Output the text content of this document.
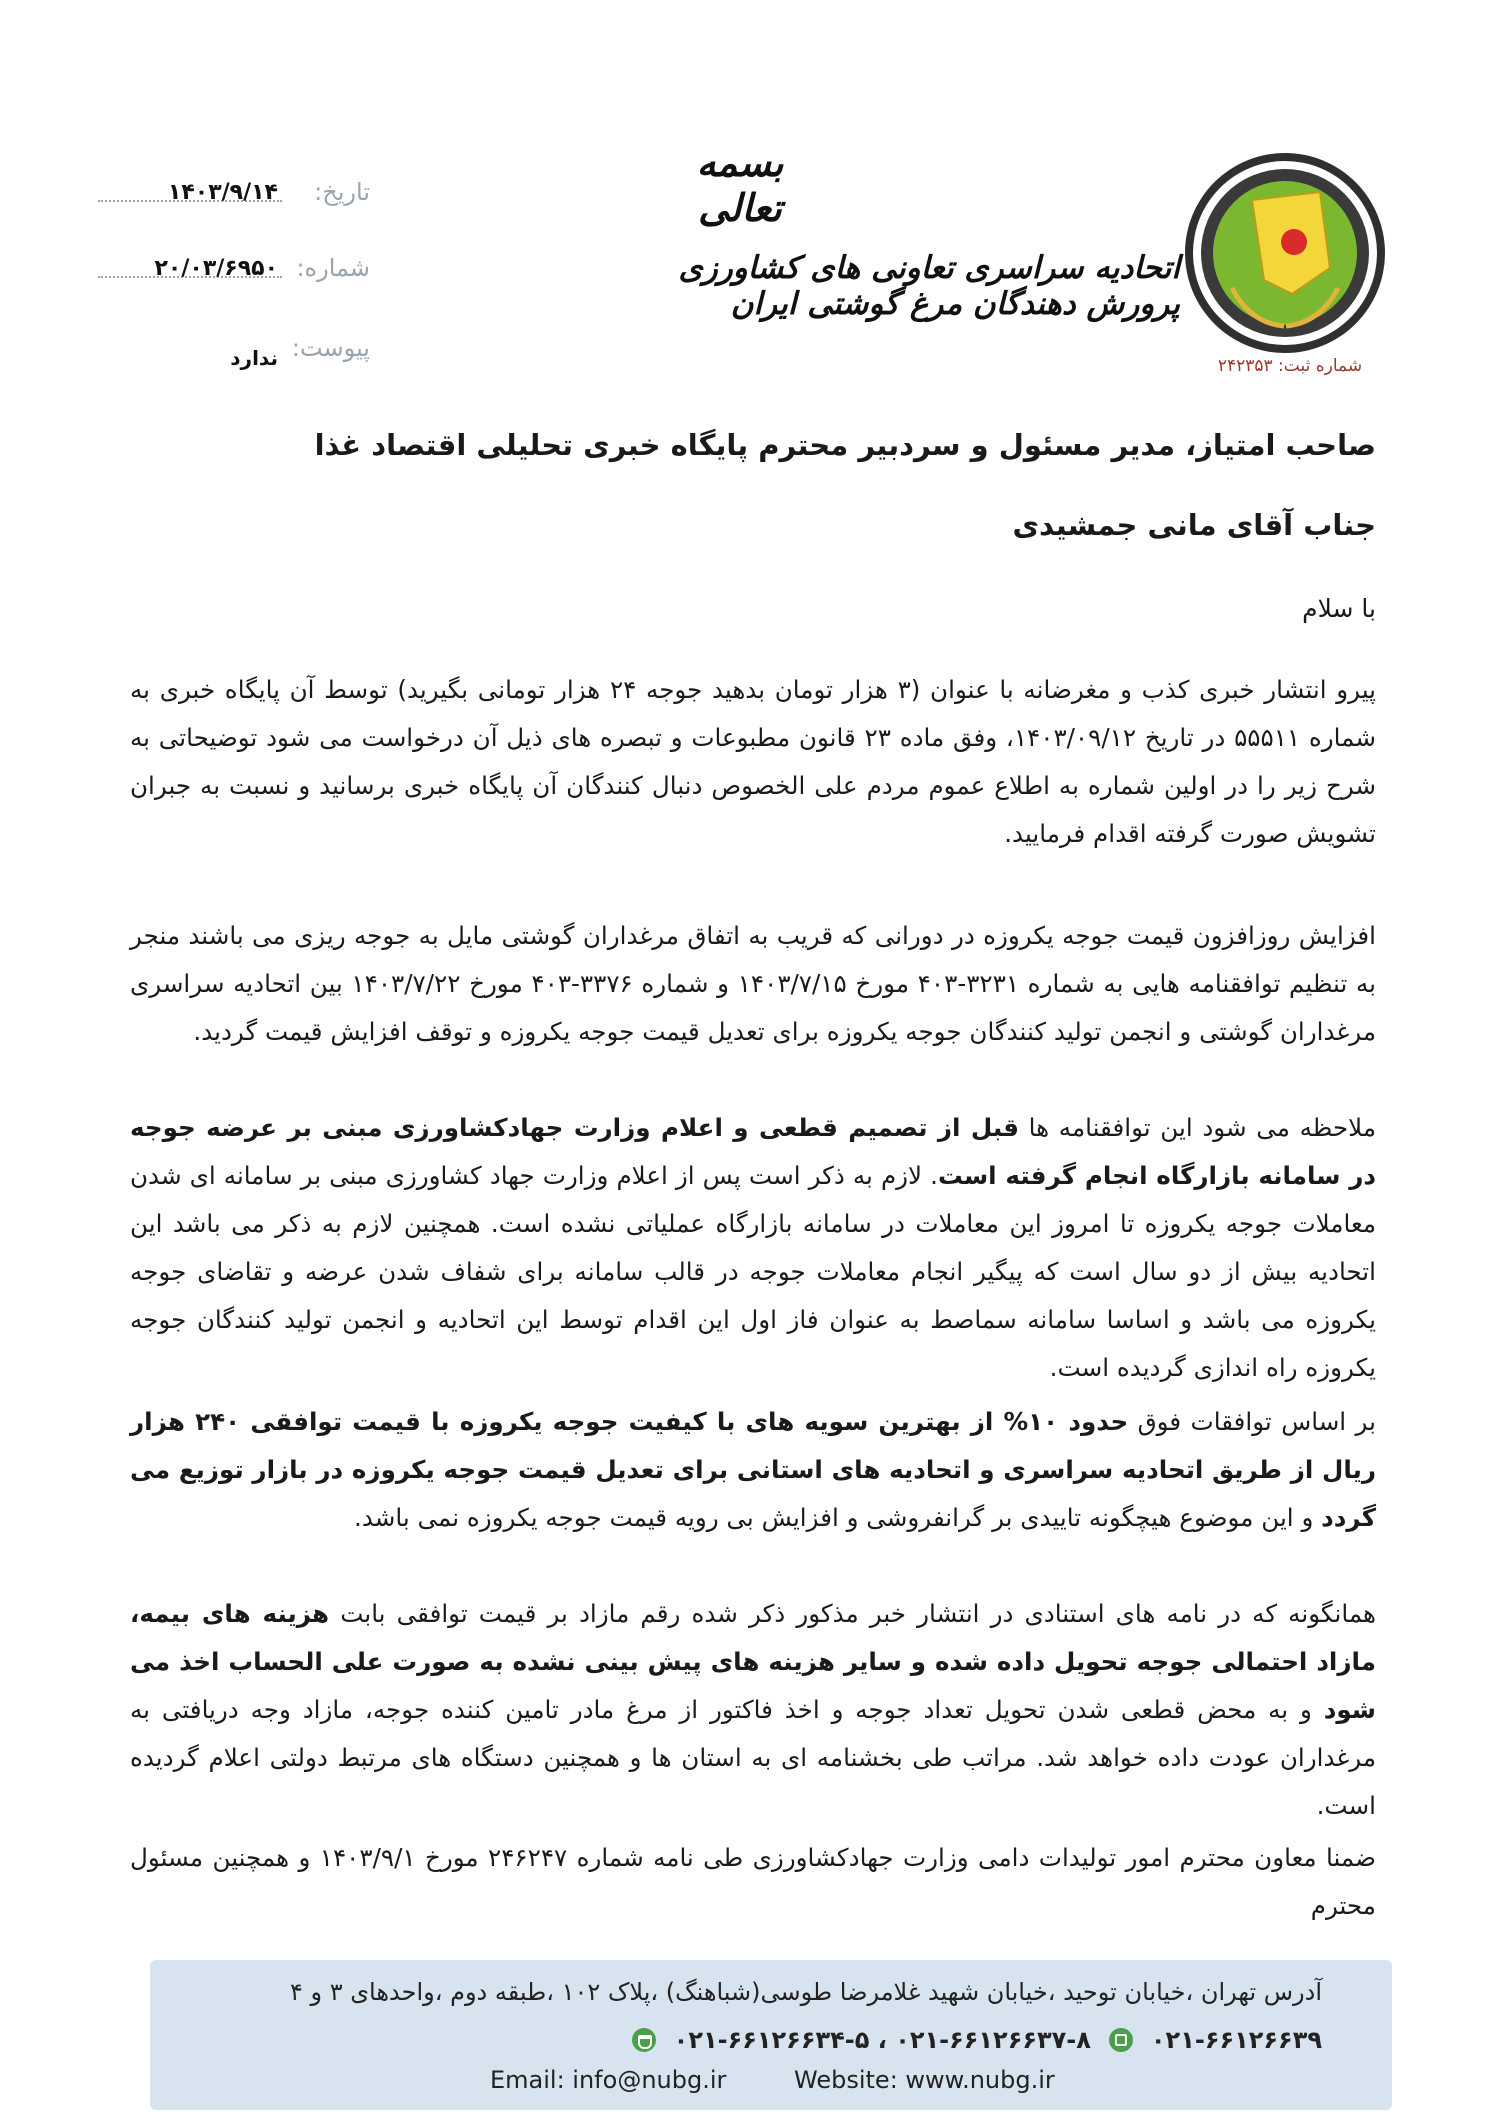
شماره ثبت: ۲۴۲۳۵۳
بسمه تعالی
اتحادیه سراسری تعاونی های کشاورزی پرورش دهندگان مرغ گوشتی ایران
تاریخ:
۱۴۰۳/۹/۱۴
شماره:
۲۰/۰۳/۶۹۵۰
پیوست:
ندارد
صاحب امتیاز، مدیر مسئول و سردبیر محترم پایگاه خبری تحلیلی اقتصاد غذا
جناب آقای مانی جمشیدی
با سلام
پیرو انتشار خبری کذب و مغرضانه با عنوان (۳ هزار تومان بدهید جوجه ۲۴ هزار تومانی بگیرید) توسط آن پایگاه خبری به شماره ۵۵۵۱۱ در تاریخ ۱۴۰۳/۰۹/۱۲، وفق ماده ۲۳ قانون مطبوعات و تبصره های ذیل آن درخواست می شود توضیحاتی به شرح زیر را در اولین شماره به اطلاع عموم مردم علی الخصوص دنبال کنندگان آن پایگاه خبری برسانید و نسبت به جبران تشویش صورت گرفته اقدام فرمایید.
افزایش روزافزون قیمت جوجه یکروزه در دورانی که قریب به اتفاق مرغداران گوشتی مایل به جوجه ریزی می باشند منجر به تنظیم توافقنامه هایی به شماره ۳۲۳۱-۴۰۳ مورخ ۱۴۰۳/۷/۱۵ و شماره ۳۳۷۶-۴۰۳ مورخ ۱۴۰۳/۷/۲۲ بین اتحادیه سراسری مرغداران گوشتی و انجمن تولید کنندگان جوجه یکروزه برای تعدیل قیمت جوجه یکروزه و توقف افزایش قیمت گردید.
ملاحظه می شود این توافقنامه ها قبل از تصمیم قطعی و اعلام وزارت جهادکشاورزی مبنی بر عرضه جوجه در سامانه بازارگاه انجام گرفته است. لازم به ذکر است پس از اعلام وزارت جهاد کشاورزی مبنی بر سامانه ای شدن معاملات جوجه یکروزه تا امروز این معاملات در سامانه بازارگاه عملیاتی نشده است. همچنین لازم به ذکر می باشد این اتحادیه بیش از دو سال است که پیگیر انجام معاملات جوجه در قالب سامانه برای شفاف شدن عرضه و تقاضای جوجه یکروزه می باشد و اساسا سامانه سماصط به عنوان فاز اول این اقدام توسط این اتحادیه و انجمن تولید کنندگان جوجه یکروزه راه اندازی گردیده است.
بر اساس توافقات فوق حدود ۱۰% از بهترین سویه های با کیفیت جوجه یکروزه با قیمت توافقی ۲۴۰ هزار ریال از طریق اتحادیه سراسری و اتحادیه های استانی برای تعدیل قیمت جوجه یکروزه در بازار توزیع می گردد و این موضوع هیچگونه تاییدی بر گرانفروشی و افزایش بی رویه قیمت جوجه یکروزه نمی باشد.
همانگونه که در نامه های استنادی در انتشار خبر مذکور ذکر شده رقم مازاد بر قیمت توافقی بابت هزینه های بیمه، مازاد احتمالی جوجه تحویل داده شده و سایر هزینه های پیش بینی نشده به صورت علی الحساب اخذ می شود و به محض قطعی شدن تحویل تعداد جوجه و اخذ فاکتور از مرغ مادر تامین کننده جوجه، مازاد وجه دریافتی به مرغداران عودت داده خواهد شد. مراتب طی بخشنامه ای به استان ها و همچنین دستگاه های مرتبط دولتی اعلام گردیده است.
ضمنا معاون محترم امور تولیدات دامی وزارت جهادکشاورزی طی نامه شماره ۲۴۶۲۴۷ مورخ ۱۴۰۳/۹/۱ و همچنین مسئول محترم
آدرس تهران ،خیابان توحید ،خیابان شهید غلامرضا طوسی(شباهنگ) ،پلاک ۱۰۲ ،طبقه دوم ،واحدهای ۳ و ۴
۰۲۱-۶۶۱۲۶۶۳۷-۸ ، ۰۲۱-۶۶۱۲۶۶۳۴-۵	۰۲۱-۶۶۱۲۶۶۳۹
Email: info@nubg.ir	Website: www.nubg.ir
